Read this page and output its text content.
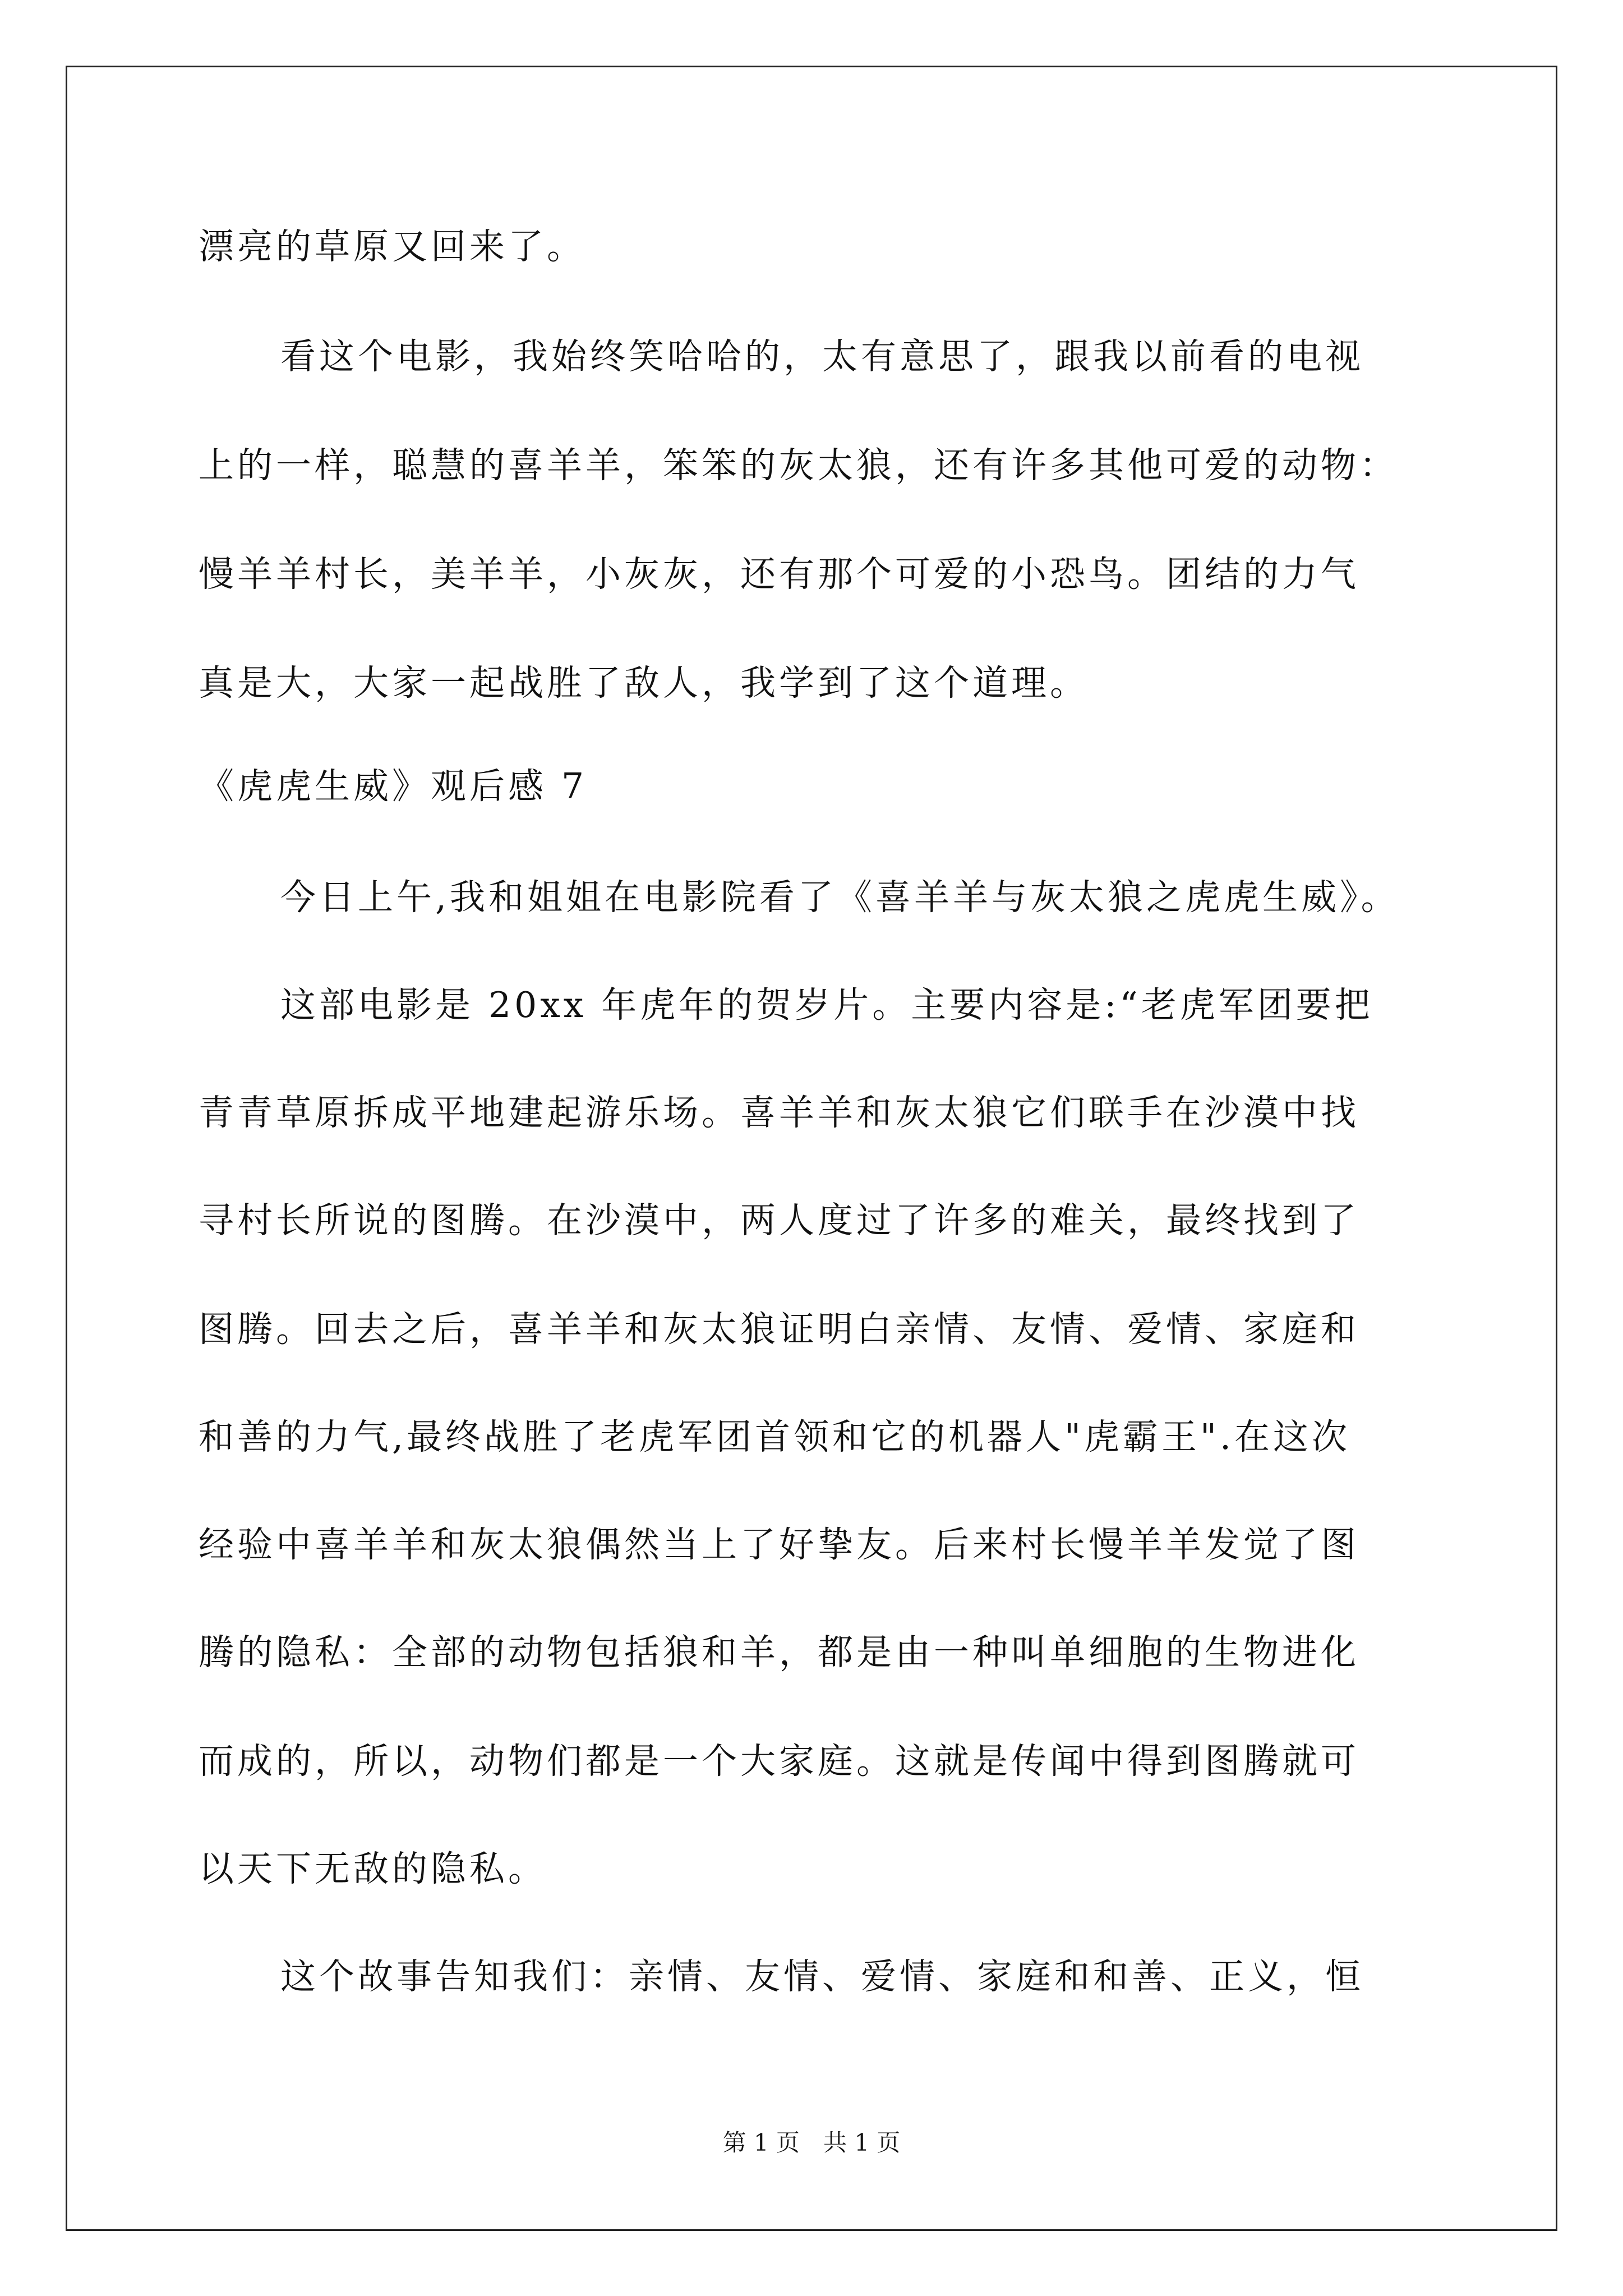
漂亮的草原又回来了。

看这个电影，我始终笑哈哈的，太有意思了，跟我以前看的电视

上的一样，聪慧的喜羊羊，笨笨的灰太狼，还有许多其他可爱的动物：

慢羊羊村长，美羊羊，小灰灰，还有那个可爱的小恐鸟。团结的力气

真是大，大家一起战胜了敌人，我学到了这个道理。

《虎虎生威》观后感 7

今日上午,我和姐姐在电影院看了《喜羊羊与灰太狼之虎虎生威》。

这部电影是 20xx 年虎年的贺岁片。主要内容是:“老虎军团要把

青青草原拆成平地建起游乐场。喜羊羊和灰太狼它们联手在沙漠中找

寻村长所说的图腾。在沙漠中，两人度过了许多的难关，最终找到了

图腾。回去之后，喜羊羊和灰太狼证明白亲情、友情、爱情、家庭和

和善的力气,最终战胜了老虎军团首领和它的机器人"虎霸王".在这次

经验中喜羊羊和灰太狼偶然当上了好挚友。后来村长慢羊羊发觉了图

腾的隐私：全部的动物包括狼和羊，都是由一种叫单细胞的生物进化

而成的，所以，动物们都是一个大家庭。这就是传闻中得到图腾就可

以天下无敌的隐私。

这个故事告知我们：亲情、友情、爱情、家庭和和善、正义，恒

第 1 页　共 1 页
